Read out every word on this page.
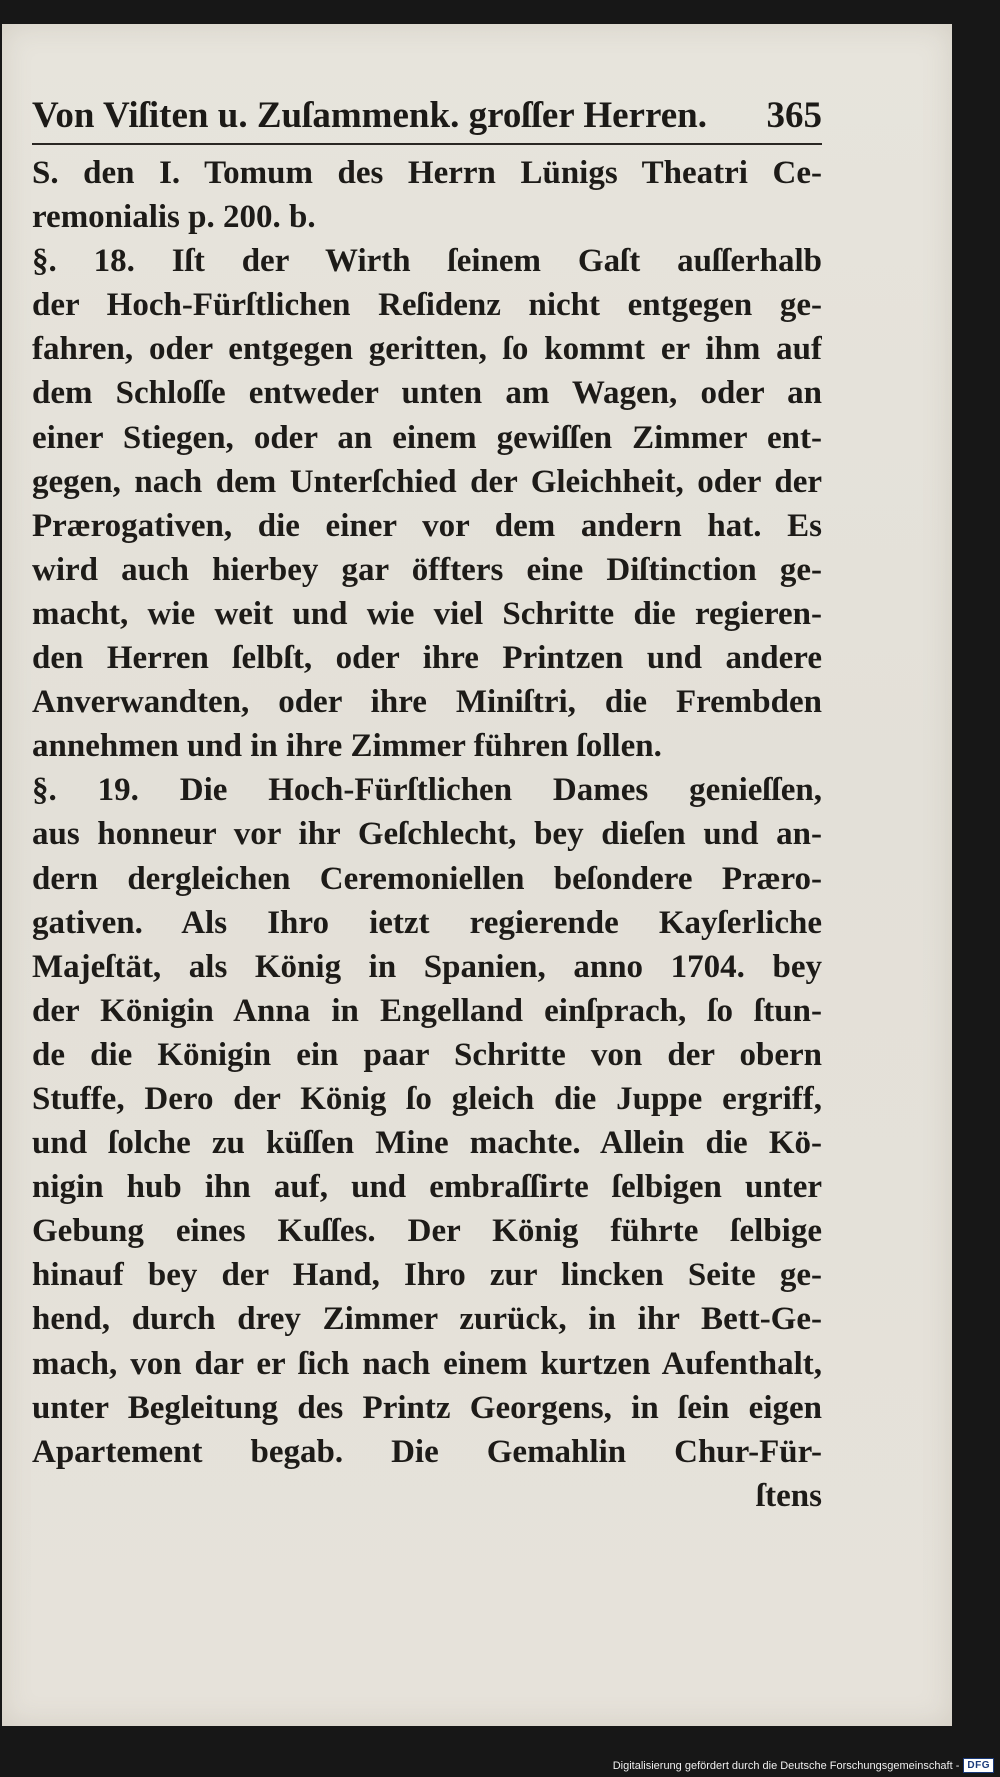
Von Viſiten u. Zuſammenk. groſſer Herren. 365
S. den I. Tomum des Herrn Lünigs Theatri Ce-
remonialis p. 200. b.
§. 18. Iſt der Wirth ſeinem Gaſt auſſerhalb
der Hoch-Fürſtlichen Reſidenz nicht entgegen ge-
fahren, oder entgegen geritten, ſo kommt er ihm auf
dem Schloſſe entweder unten am Wagen, oder an
einer Stiegen, oder an einem gewiſſen Zimmer ent-
gegen, nach dem Unterſchied der Gleichheit, oder der
Prærogativen, die einer vor dem andern hat. Es
wird auch hierbey gar öffters eine Diſtinction ge-
macht, wie weit und wie viel Schritte die regieren-
den Herren ſelbſt, oder ihre Printzen und andere
Anverwandten, oder ihre Miniſtri, die Frembden
annehmen und in ihre Zimmer führen ſollen.
§. 19. Die Hoch-Fürſtlichen Dames genieſſen,
aus honneur vor ihr Geſchlecht, bey dieſen und an-
dern dergleichen Ceremoniellen beſondere Præro-
gativen. Als Ihro ietzt regierende Kayſerliche
Majeſtät, als König in Spanien, anno 1704. bey
der Königin Anna in Engelland einſprach, ſo ſtun-
de die Königin ein paar Schritte von der obern
Stuffe, Dero der König ſo gleich die Juppe ergriff,
und ſolche zu küſſen Mine machte. Allein die Kö-
nigin hub ihn auf, und embraſſirte ſelbigen unter
Gebung eines Kuſſes. Der König führte ſelbige
hinauf bey der Hand, Ihro zur lincken Seite ge-
hend, durch drey Zimmer zurück, in ihr Bett-Ge-
mach, von dar er ſich nach einem kurtzen Aufenthalt,
unter Begleitung des Printz Georgens, in ſein eigen
Apartement begab. Die Gemahlin Chur-Für-
ſtens
Digitalisierung gefördert durch die Deutsche Forschungsgemeinschaft - DFG
